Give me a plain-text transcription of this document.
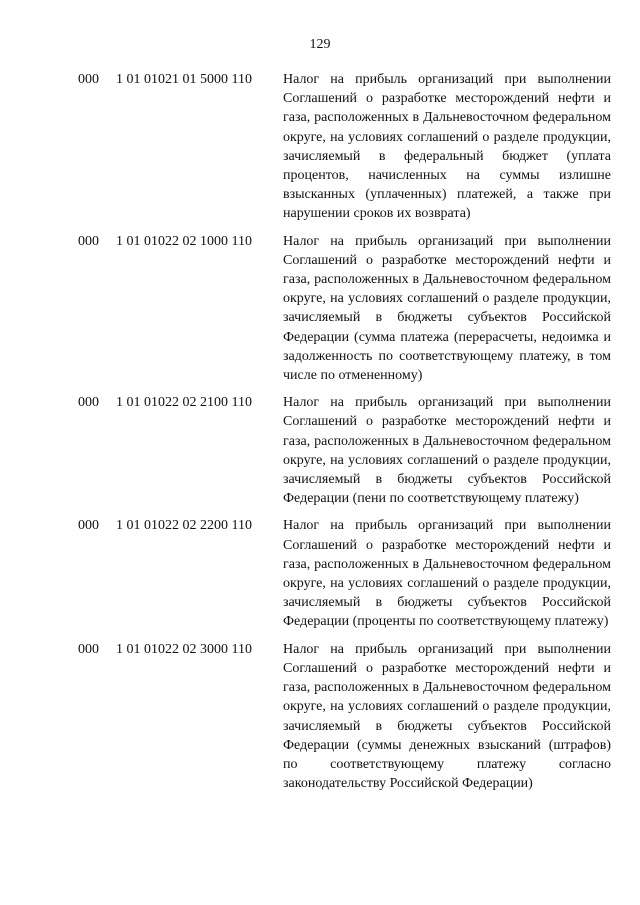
129
000 1 01 01021 01 5000 110 Налог на прибыль организаций при выполнении Соглашений о разработке месторождений нефти и газа, расположенных в Дальневосточном федеральном округе, на условиях соглашений о разделе продукции, зачисляемый в федеральный бюджет (уплата процентов, начисленных на суммы излишне взысканных (уплаченных) платежей, а также при нарушении сроков их возврата)
000 1 01 01022 02 1000 110 Налог на прибыль организаций при выполнении Соглашений о разработке месторождений нефти и газа, расположенных в Дальневосточном федеральном округе, на условиях соглашений о разделе продукции, зачисляемый в бюджеты субъектов Российской Федерации (сумма платежа (перерасчеты, недоимка и задолженность по соответствующему платежу, в том числе по отмененному)
000 1 01 01022 02 2100 110 Налог на прибыль организаций при выполнении Соглашений о разработке месторождений нефти и газа, расположенных в Дальневосточном федеральном округе, на условиях соглашений о разделе продукции, зачисляемый в бюджеты субъектов Российской Федерации (пени по соответствующему платежу)
000 1 01 01022 02 2200 110 Налог на прибыль организаций при выполнении Соглашений о разработке месторождений нефти и газа, расположенных в Дальневосточном федеральном округе, на условиях соглашений о разделе продукции, зачисляемый в бюджеты субъектов Российской Федерации (проценты по соответствующему платежу)
000 1 01 01022 02 3000 110 Налог на прибыль организаций при выполнении Соглашений о разработке месторождений нефти и газа, расположенных в Дальневосточном федеральном округе, на условиях соглашений о разделе продукции, зачисляемый в бюджеты субъектов Российской Федерации (суммы денежных взысканий (штрафов) по соответствующему платежу согласно законодательству Российской Федерации)
